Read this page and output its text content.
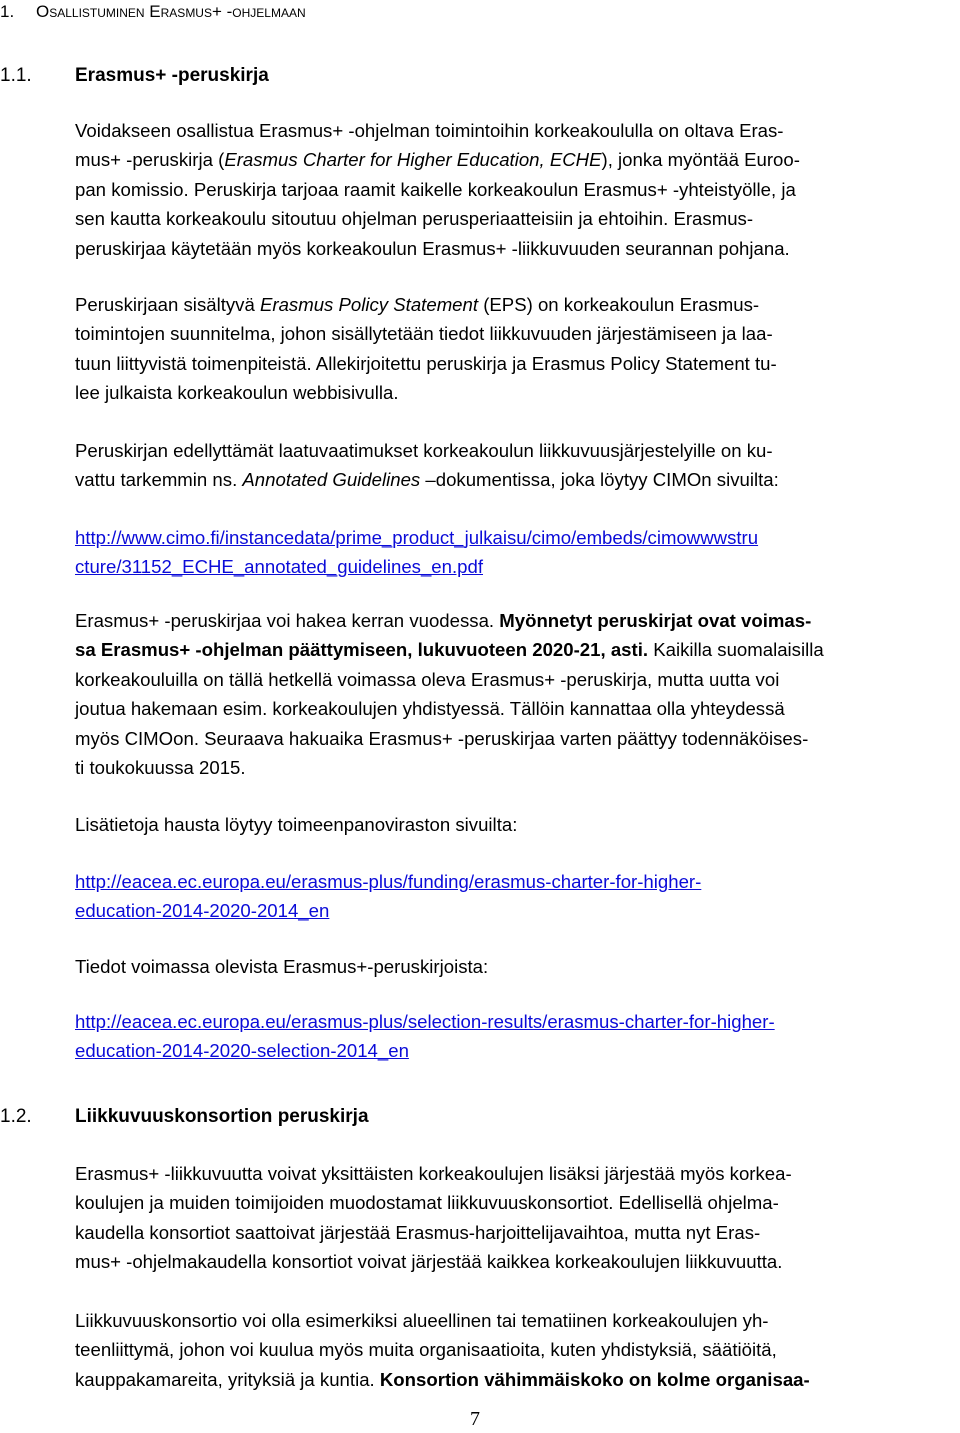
1. Osallistuminen Erasmus+ -ohjelmaan
1.1. Erasmus+ -peruskirja

Voidakseen osallistua Erasmus+ -ohjelman toimintoihin korkeakoululla on oltava Eras-
mus+ -peruskirja (Erasmus Charter for Higher Education, ECHE), jonka myöntää Euroo-
pan komissio. Peruskirja tarjoaa raamit kaikelle korkeakoulun Erasmus+ -yhteistyölle, ja
sen kautta korkeakoulu sitoutuu ohjelman perusperiaatteisiin ja ehtoihin. Erasmus-
peruskirjaa käytetään myös korkeakoulun Erasmus+ -liikkuvuuden seurannan pohjana.

Peruskirjaan sisältyvä Erasmus Policy Statement (EPS) on korkeakoulun Erasmus-
toimintojen suunnitelma, johon sisällytetään tiedot liikkuvuuden järjestämiseen ja laa-
tuun liittyvistä toimenpiteistä. Allekirjoitettu peruskirja ja Erasmus Policy Statement tu-
lee julkaista korkeakoulun webbisivulla.

Peruskirjan edellyttämät laatuvaatimukset korkeakoulun liikkuvuusjärjestelyille on ku-
vattu tarkemmin ns. Annotated Guidelines –dokumentissa, joka löytyy CIMOn sivuilta:

http://www.cimo.fi/instancedata/prime_product_julkaisu/cimo/embeds/cimowwwstru
cture/31152_ECHE_annotated_guidelines_en.pdf

Erasmus+ -peruskirjaa voi hakea kerran vuodessa. Myönnetyt peruskirjat ovat voimas-
sa Erasmus+ -ohjelman päättymiseen, lukuvuoteen 2020-21, asti. Kaikilla suomalaisilla
korkeakouluilla on tällä hetkellä voimassa oleva Erasmus+ -peruskirja, mutta uutta voi
joutua hakemaan esim. korkeakoulujen yhdistyessä. Tällöin kannattaa olla yhteydessä
myös CIMOon. Seuraava hakuaika Erasmus+ -peruskirjaa varten päättyy todennäköises-
ti toukokuussa 2015.

Lisätietoja hausta löytyy toimeenpanoviraston sivuilta:

http://eacea.ec.europa.eu/erasmus-plus/funding/erasmus-charter-for-higher-
education-2014-2020-2014_en

Tiedot voimassa olevista Erasmus+-peruskirjoista:

http://eacea.ec.europa.eu/erasmus-plus/selection-results/erasmus-charter-for-higher-
education-2014-2020-selection-2014_en

1.2. Liikkuvuuskonsortion peruskirja

Erasmus+ -liikkuvuutta voivat yksittäisten korkeakoulujen lisäksi järjestää myös korkea-
koulujen ja muiden toimijoiden muodostamat liikkuvuuskonsortiot. Edellisellä ohjelma-
kaudella konsortiot saattoivat järjestää Erasmus-harjoittelijavaihtoa, mutta nyt Eras-
mus+ -ohjelmakaudella konsortiot voivat järjestää kaikkea korkeakoulujen liikkuvuutta.

Liikkuvuuskonsortio voi olla esimerkiksi alueellinen tai tematiinen korkeakoulujen yh-
teenliittymä, johon voi kuulua myös muita organisaatioita, kuten yhdistyksiä, säätiöitä,
kauppakamareita, yrityksiä ja kuntia. Konsortion vähimmäiskoko on kolme organisaa-

7
